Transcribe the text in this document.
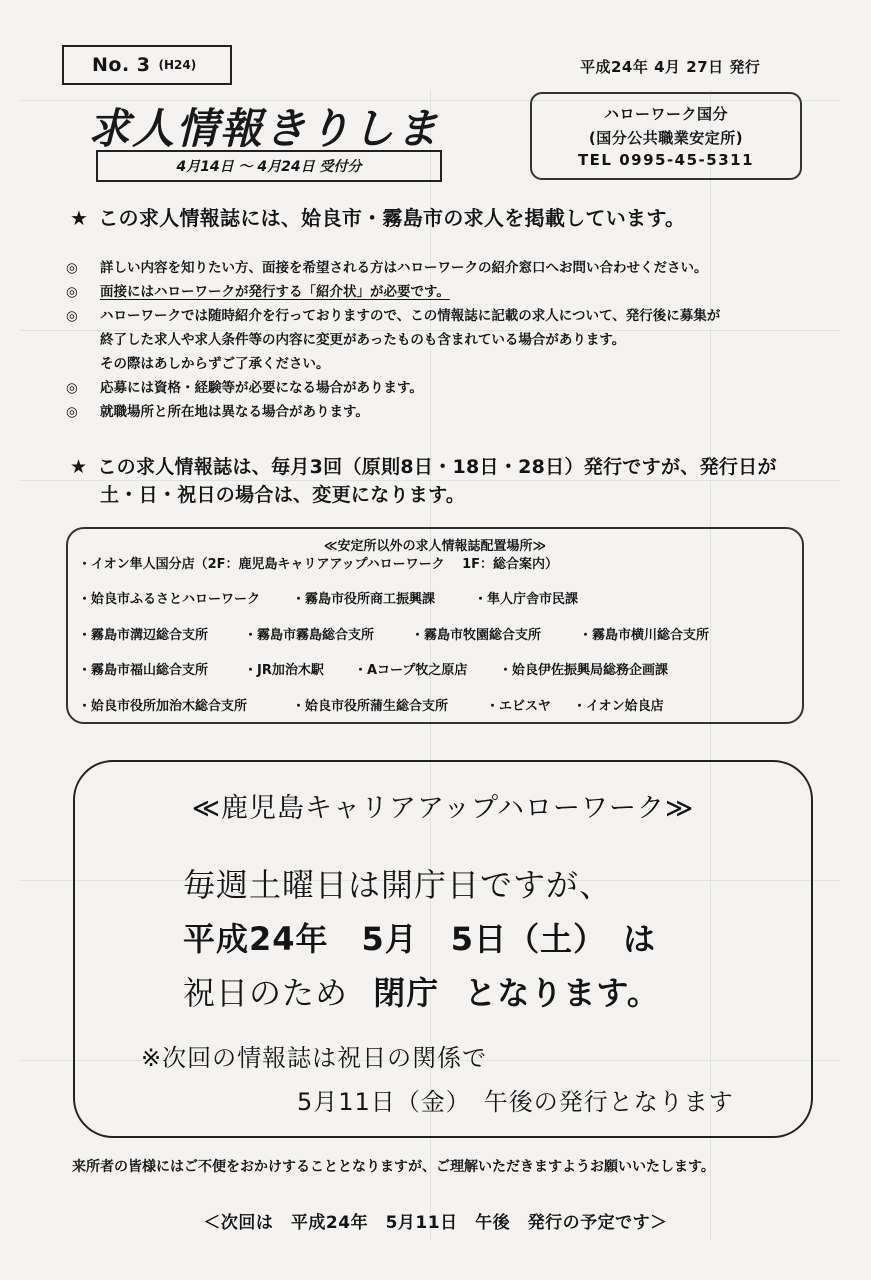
No. 3 (H24)	平成24年 4月 27日 発行
求人情報きりしま
4月14日 ～ 4月24日 受付分
ハローワーク国分
(国分公共職業安定所)
TEL 0995-45-5311
★ この求人情報誌には、姶良市・霧島市の求人を掲載しています。
◎	詳しい内容を知りたい方、面接を希望される方はハローワークの紹介窓口へお問い合わせください。
◎	面接にはハローワークが発行する「紹介状」が必要です。
◎	ハローワークでは随時紹介を行っておりますので、この情報誌に記載の求人について、発行後に募集が
終了した求人や求人条件等の内容に変更があったものも含まれている場合があります。
その際はあしからずご了承ください。
◎	応募には資格・経験等が必要になる場合があります。
◎	就職場所と所在地は異なる場合があります。
★ この求人情報誌は、毎月3回（原則8日・18日・28日）発行ですが、発行日が
土・日・祝日の場合は、変更になります。
≪安定所以外の求人情報誌配置場所≫
・イオン隼人国分店（2F：鹿児島キャリアアップハローワーク　 1F：総合案内）
・姶良市ふるさとハローワーク ・霧島市役所商工振興課	・隼人庁舎市民課
・霧島市溝辺総合支所	・霧島市霧島総合支所	・霧島市牧園総合支所	・霧島市横川総合支所
・霧島市福山総合支所	・JR加治木駅 ・Aコープ牧之原店 ・姶良伊佐振興局総務企画課
・姶良市役所加治木総合支所	・姶良市役所蒲生総合支所	・エビスヤ ・イオン姶良店
≪鹿児島キャリアアップハローワーク≫
毎週土曜日は開庁日ですが、
平成24年　5月　5日（土）　は
祝日のため 閉庁 となります。
※次回の情報誌は祝日の関係で
5月11日（金）　午後の発行となります
来所者の皆様にはご不便をおかけすることとなりますが、ご理解いただきますようお願いいたします。
＜次回は　平成24年　5月11日　午後　発行の予定です＞
